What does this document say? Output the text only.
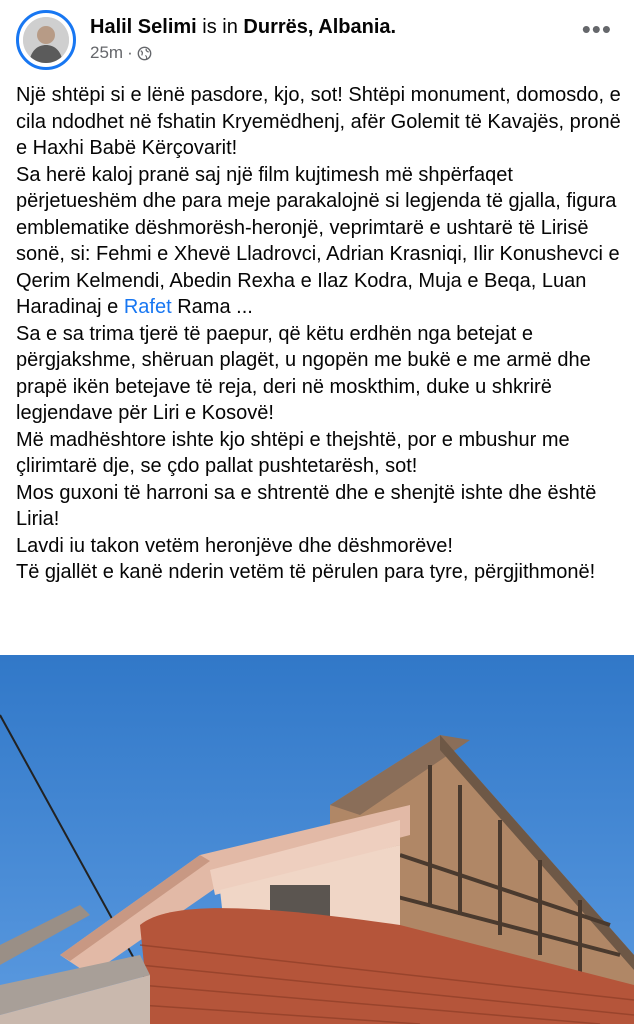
Halil Selimi is in Durrës, Albania.
25m ·
•••

Një shtëpi si e lënë pasdore, kjo, sot! Shtëpi monument, domosdo, e cila ndodhet në fshatin Kryemëdhenj, afër Golemit të Kavajës, pronë e Haxhi Babë Kërçovarit!

Sa herë kaloj pranë saj një film kujtimesh më shpërfaqet përjetueshëm dhe para meje parakalojnë si legjenda të gjalla, figura emblematike dëshmorësh-heronjë, veprimtarë e ushtarë të Lirisë sonë, si: Fehmi e Xhevë Lladrovci, Adrian Krasniqi, Ilir Konushevci e Qerim Kelmendi, Abedin Rexha e Ilaz Kodra, Muja e Beqa, Luan Haradinaj e Rafet Rama ...

Sa e sa trima tjerë të paepur, që këtu erdhën nga betejat e përgjakshme, shëruan plagët, u ngopën me bukë e me armë dhe prapë ikën betejave të reja, deri në moskthim, duke u shkrirë legjendave për Liri e Kosovë!

Më madhështore ishte kjo shtëpi e thejshtë, por e mbushur me çlirimtarë dje, se çdo pallat pushtetarësh, sot!

Mos guxoni të harroni sa e shtrentë dhe e shenjtë ishte dhe është Liria!

Lavdi iu takon vetëm heronjëve dhe dëshmorëve!

Të gjallët e kanë nderin vetëm të përulen para tyre, përgjithmonë!
